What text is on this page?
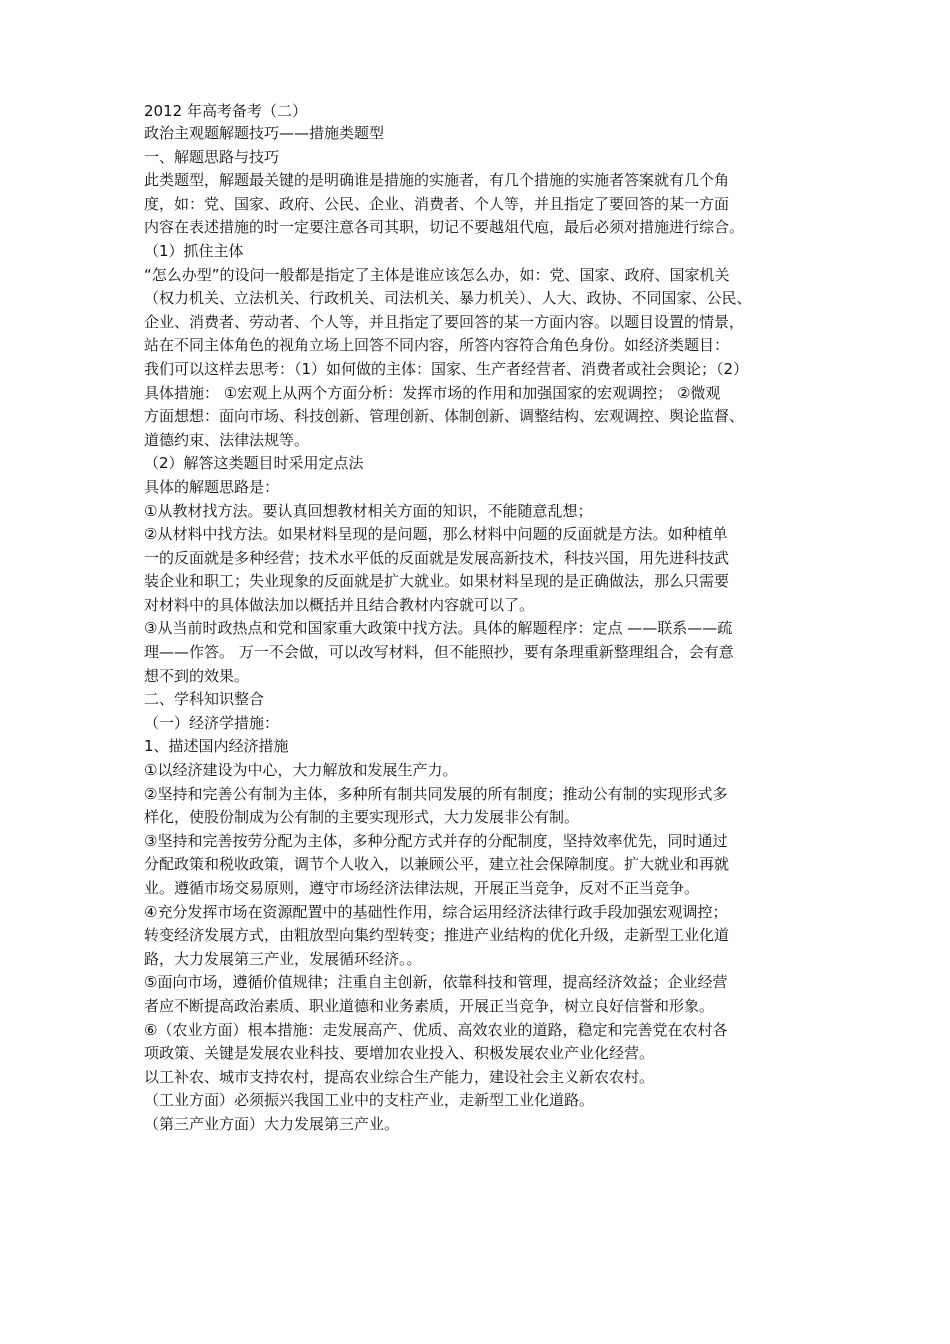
2012 年高考备考（二）
政治主观题解题技巧——措施类题型
一、解题思路与技巧
此类题型，解题最关键的是明确谁是措施的实施者，有几个措施的实施者答案就有几个角
度，如：党、国家、政府、公民、企业、消费者、个人等，并且指定了要回答的某一方面
内容在表述措施的时一定要注意各司其职，切记不要越俎代庖，最后必须对措施进行综合。
（1）抓住主体
“怎么办型”的设问一般都是指定了主体是谁应该怎么办，如：党、国家、政府、国家机关
（权力机关、立法机关、行政机关、司法机关、暴力机关）、人大、政协、不同国家、公民、
企业、消费者、劳动者、个人等，并且指定了要回答的某一方面内容。以题目设置的情景，
站在不同主体角色的视角立场上回答不同内容，所答内容符合角色身份。如经济类题目：
我们可以这样去思考：（1）如何做的主体：国家、生产者经营者、消费者或社会舆论；（2）
具体措施： ①宏观上从两个方面分析：发挥市场的作用和加强国家的宏观调控； ②微观
方面想想：面向市场、科技创新、管理创新、体制创新、调整结构、宏观调控、舆论监督、
道德约束、法律法规等。
（2）解答这类题目时采用定点法
具体的解题思路是：
①从教材找方法。要认真回想教材相关方面的知识，不能随意乱想；
②从材料中找方法。如果材料呈现的是问题，那么材料中问题的反面就是方法。如种植单
一的反面就是多种经营；技术水平低的反面就是发展高新技术，科技兴国，用先进科技武
装企业和职工；失业现象的反面就是扩大就业。如果材料呈现的是正确做法，那么只需要
对材料中的具体做法加以概括并且结合教材内容就可以了。
③从当前时政热点和党和国家重大政策中找方法。具体的解题程序：定点 ——联系——疏
理——作答。 万一不会做，可以改写材料，但不能照抄，要有条理重新整理组合，会有意
想不到的效果。
二、学科知识整合
（一）经济学措施：
1、描述国内经济措施
①以经济建设为中心，大力解放和发展生产力。
②坚持和完善公有制为主体，多种所有制共同发展的所有制度；推动公有制的实现形式多
样化，使股份制成为公有制的主要实现形式，大力发展非公有制。
③坚持和完善按劳分配为主体，多种分配方式并存的分配制度，坚持效率优先，同时通过
分配政策和税收政策，调节个人收入，以兼顾公平，建立社会保障制度。扩大就业和再就
业。遵循市场交易原则，遵守市场经济法律法规，开展正当竞争，反对不正当竞争。
④充分发挥市场在资源配置中的基础性作用，综合运用经济法律行政手段加强宏观调控；
转变经济发展方式，由粗放型向集约型转变；推进产业结构的优化升级，走新型工业化道
路，大力发展第三产业，发展循环经济。。
⑤面向市场，遵循价值规律；注重自主创新，依靠科技和管理，提高经济效益；企业经营
者应不断提高政治素质、职业道德和业务素质，开展正当竞争，树立良好信誉和形象。
⑥（农业方面）根本措施：走发展高产、优质、高效农业的道路，稳定和完善党在农村各
项政策、关键是发展农业科技、要增加农业投入、积极发展农业产业化经营。
以工补农、城市支持农村，提高农业综合生产能力，建设社会主义新农农村。
（工业方面）必须振兴我国工业中的支柱产业，走新型工业化道路。
（第三产业方面）大力发展第三产业。
